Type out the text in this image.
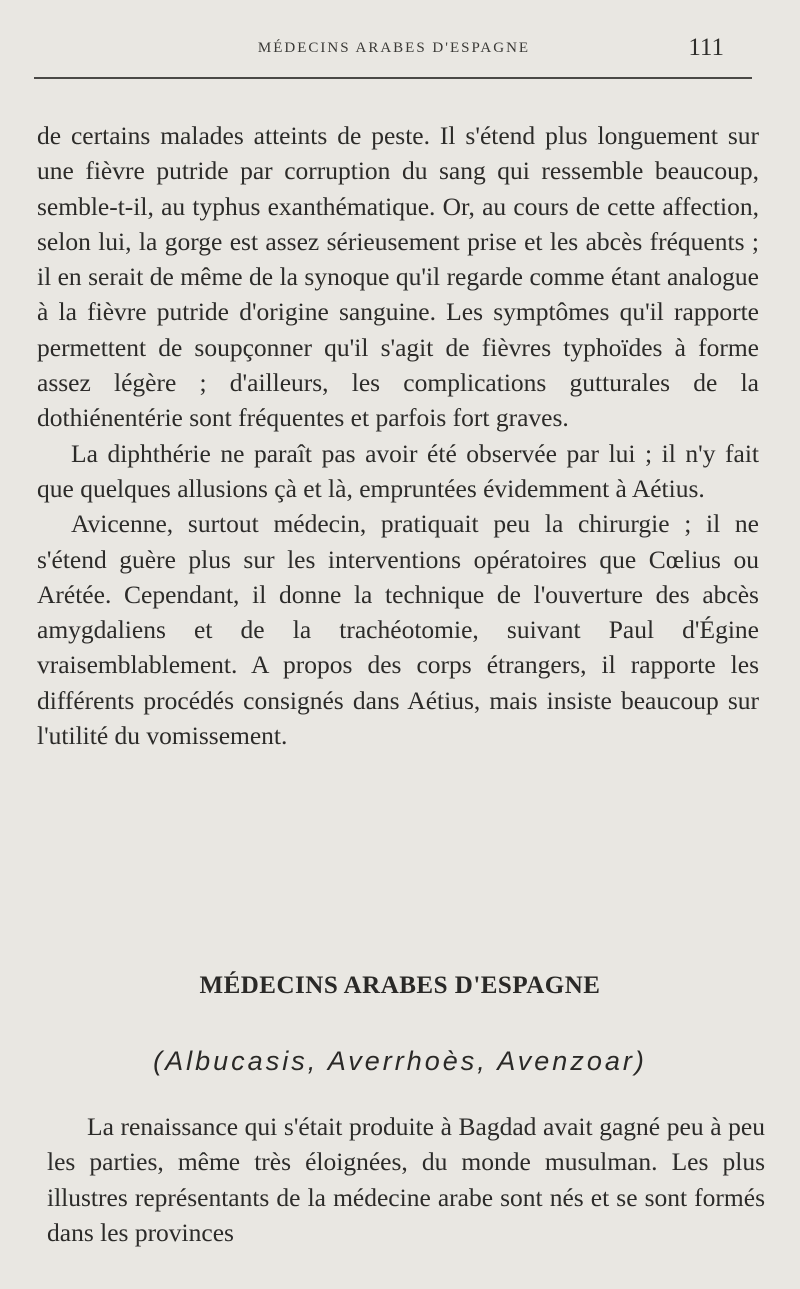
MÉDECINS ARABES D'ESPAGNE	111

de certains malades atteints de peste. Il s'étend plus longuement sur une fièvre putride par corruption du sang qui ressemble beaucoup, semble-t-il, au typhus exanthématique. Or, au cours de cette affection, selon lui, la gorge est assez sérieusement prise et les abcès fréquents ; il en serait de même de la synoque qu'il regarde comme étant analogue à la fièvre putride d'origine sanguine. Les symptômes qu'il rapporte permettent de soupçonner qu'il s'agit de fièvres typhoïdes à forme assez légère ; d'ailleurs, les complications gutturales de la dothiénentérie sont fréquentes et parfois fort graves.

La diphthérie ne paraît pas avoir été observée par lui ; il n'y fait que quelques allusions çà et là, empruntées évidemment à Aétius.

Avicenne, surtout médecin, pratiquait peu la chirurgie ; il ne s'étend guère plus sur les interventions opératoires que Cœlius ou Arétée. Cependant, il donne la technique de l'ouverture des abcès amygdaliens et de la trachéotomie, suivant Paul d'Égine vraisemblablement. A propos des corps étrangers, il rapporte les différents procédés consignés dans Aétius, mais insiste beaucoup sur l'utilité du vomissement.

MÉDECINS ARABES D'ESPAGNE
(Albucasis, Averrhoès, Avenzoar)

La renaissance qui s'était produite à Bagdad avait gagné peu à peu les parties, même très éloignées, du monde musulman. Les plus illustres représentants de la médecine arabe sont nés et se sont formés dans les provinces
